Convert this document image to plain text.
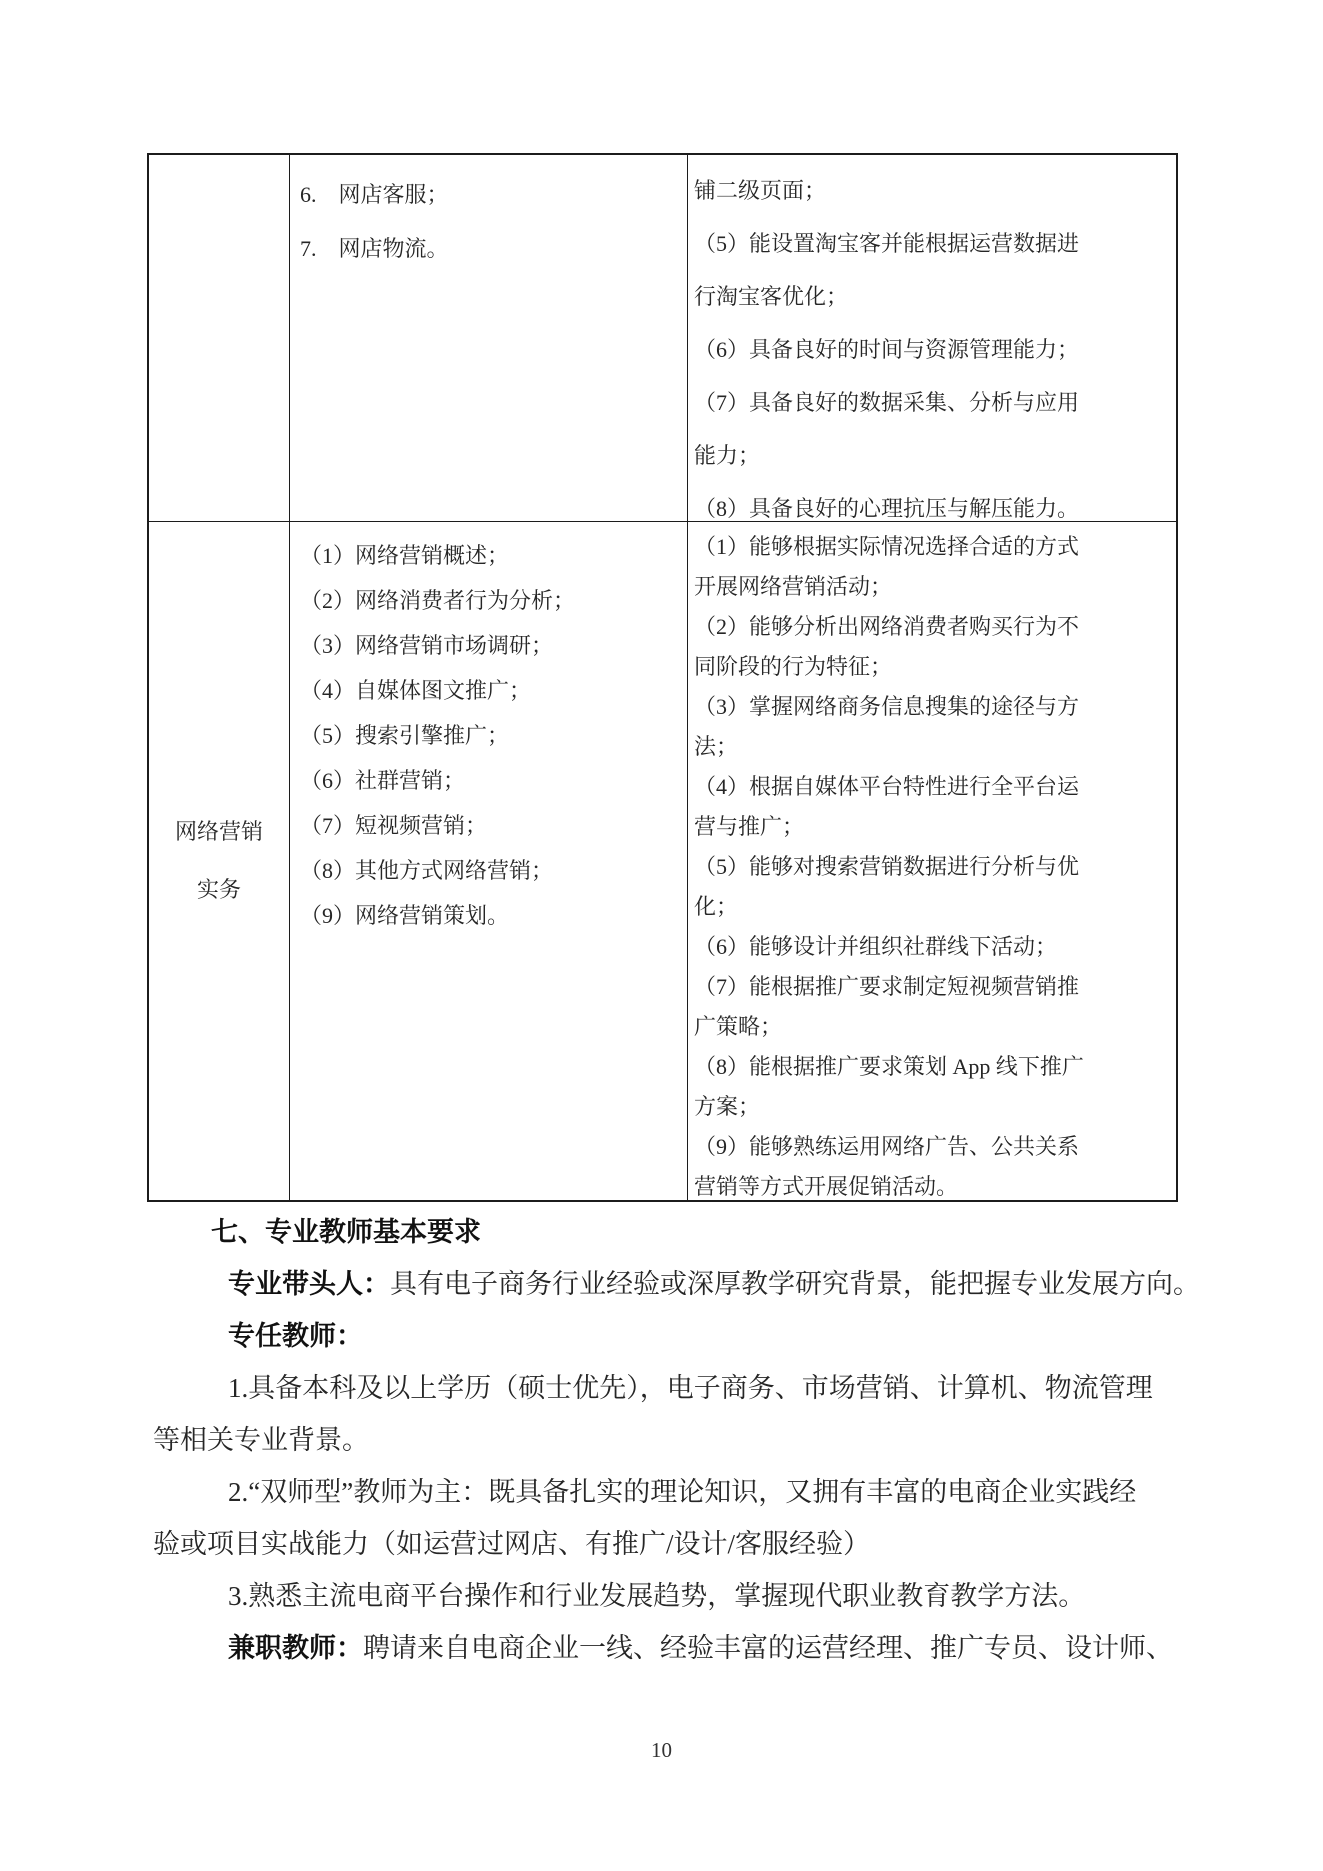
6.　网店客服；
7.　网店物流。
铺二级页面；
（5）能设置淘宝客并能根据运营数据进
行淘宝客优化；
（6）具备良好的时间与资源管理能力；
（7）具备良好的数据采集、分析与应用
能力；
（8）具备良好的心理抗压与解压能力。
网络营销
实务
（1）网络营销概述；
（2）网络消费者行为分析；
（3）网络营销市场调研；
（4）自媒体图文推广；
（5）搜索引擎推广；
（6）社群营销；
（7）短视频营销；
（8）其他方式网络营销；
（9）网络营销策划。
（1）能够根据实际情况选择合适的方式
开展网络营销活动；
（2）能够分析出网络消费者购买行为不
同阶段的行为特征；
（3）掌握网络商务信息搜集的途径与方
法；
（4）根据自媒体平台特性进行全平台运
营与推广；
（5）能够对搜索营销数据进行分析与优
化；
（6）能够设计并组织社群线下活动；
（7）能根据推广要求制定短视频营销推
广策略；
（8）能根据推广要求策划 App 线下推广
方案；
（9）能够熟练运用网络广告、公共关系
营销等方式开展促销活动。
七、专业教师基本要求
专业带头人：具有电子商务行业经验或深厚教学研究背景，能把握专业发展方向。
专任教师：
1.具备本科及以上学历（硕士优先），电子商务、市场营销、计算机、物流管理
等相关专业背景。
2.“双师型”教师为主：既具备扎实的理论知识，又拥有丰富的电商企业实践经
验或项目实战能力（如运营过网店、有推广/设计/客服经验）
3.熟悉主流电商平台操作和行业发展趋势，掌握现代职业教育教学方法。
兼职教师：聘请来自电商企业一线、经验丰富的运营经理、推广专员、设计师、
10
